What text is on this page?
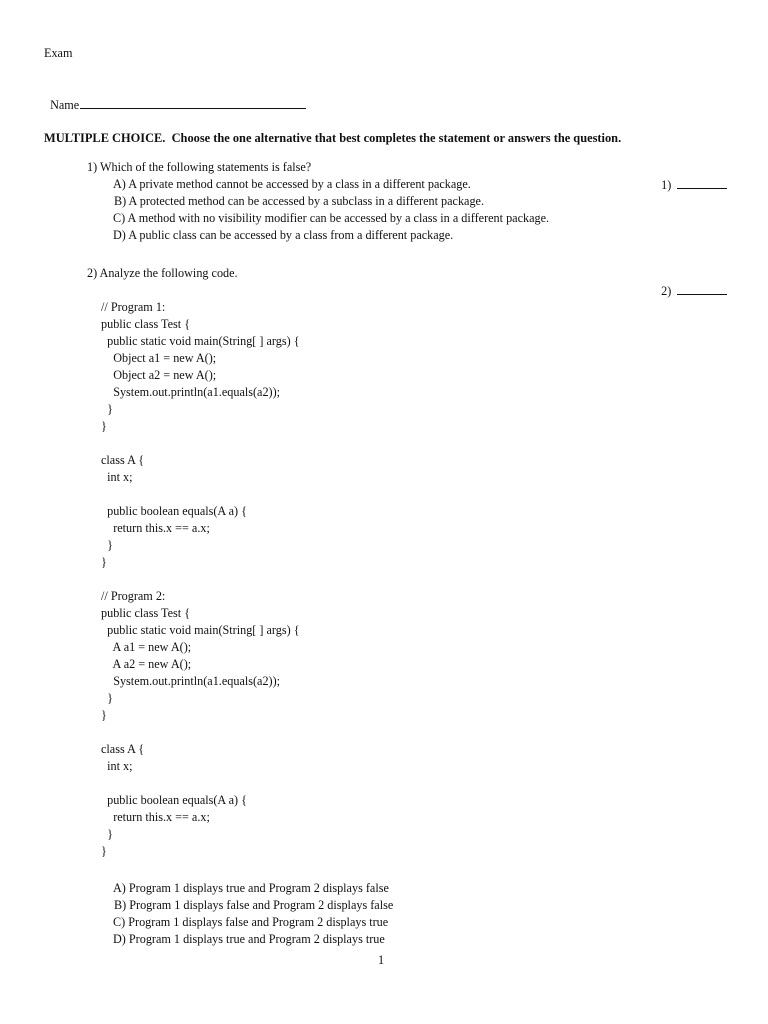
Exam

Name

MULTIPLE CHOICE.  Choose the one alternative that best completes the statement or answers the question.
1) Which of the following statements is false?

1)

A) A private method cannot be accessed by a class in a different package.
B) A protected method can be accessed by a subclass in a different package.
C) A method with no visibility modifier can be accessed by a class in a different package.
D) A public class can be accessed by a class from a different package.
2) Analyze the following code.

2)

// Program 1:
public class Test {
public static void main(String[ ] args) {
Object a1 = new A();
Object a2 = new A();
System.out.println(a1.equals(a2));
}
}
class A {
int x;
public boolean equals(A a) {
return this.x == a.x;
}
}
// Program 2:
public class Test {
public static void main(String[ ] args) {
A a1 = new A();
A a2 = new A();
System.out.println(a1.equals(a2));
}
}
class A {
int x;
public boolean equals(A a) {
return this.x == a.x;
}
}
A) Program 1 displays true and Program 2 displays false
B) Program 1 displays false and Program 2 displays false
C) Program 1 displays false and Program 2 displays true
D) Program 1 displays true and Program 2 displays true
1
